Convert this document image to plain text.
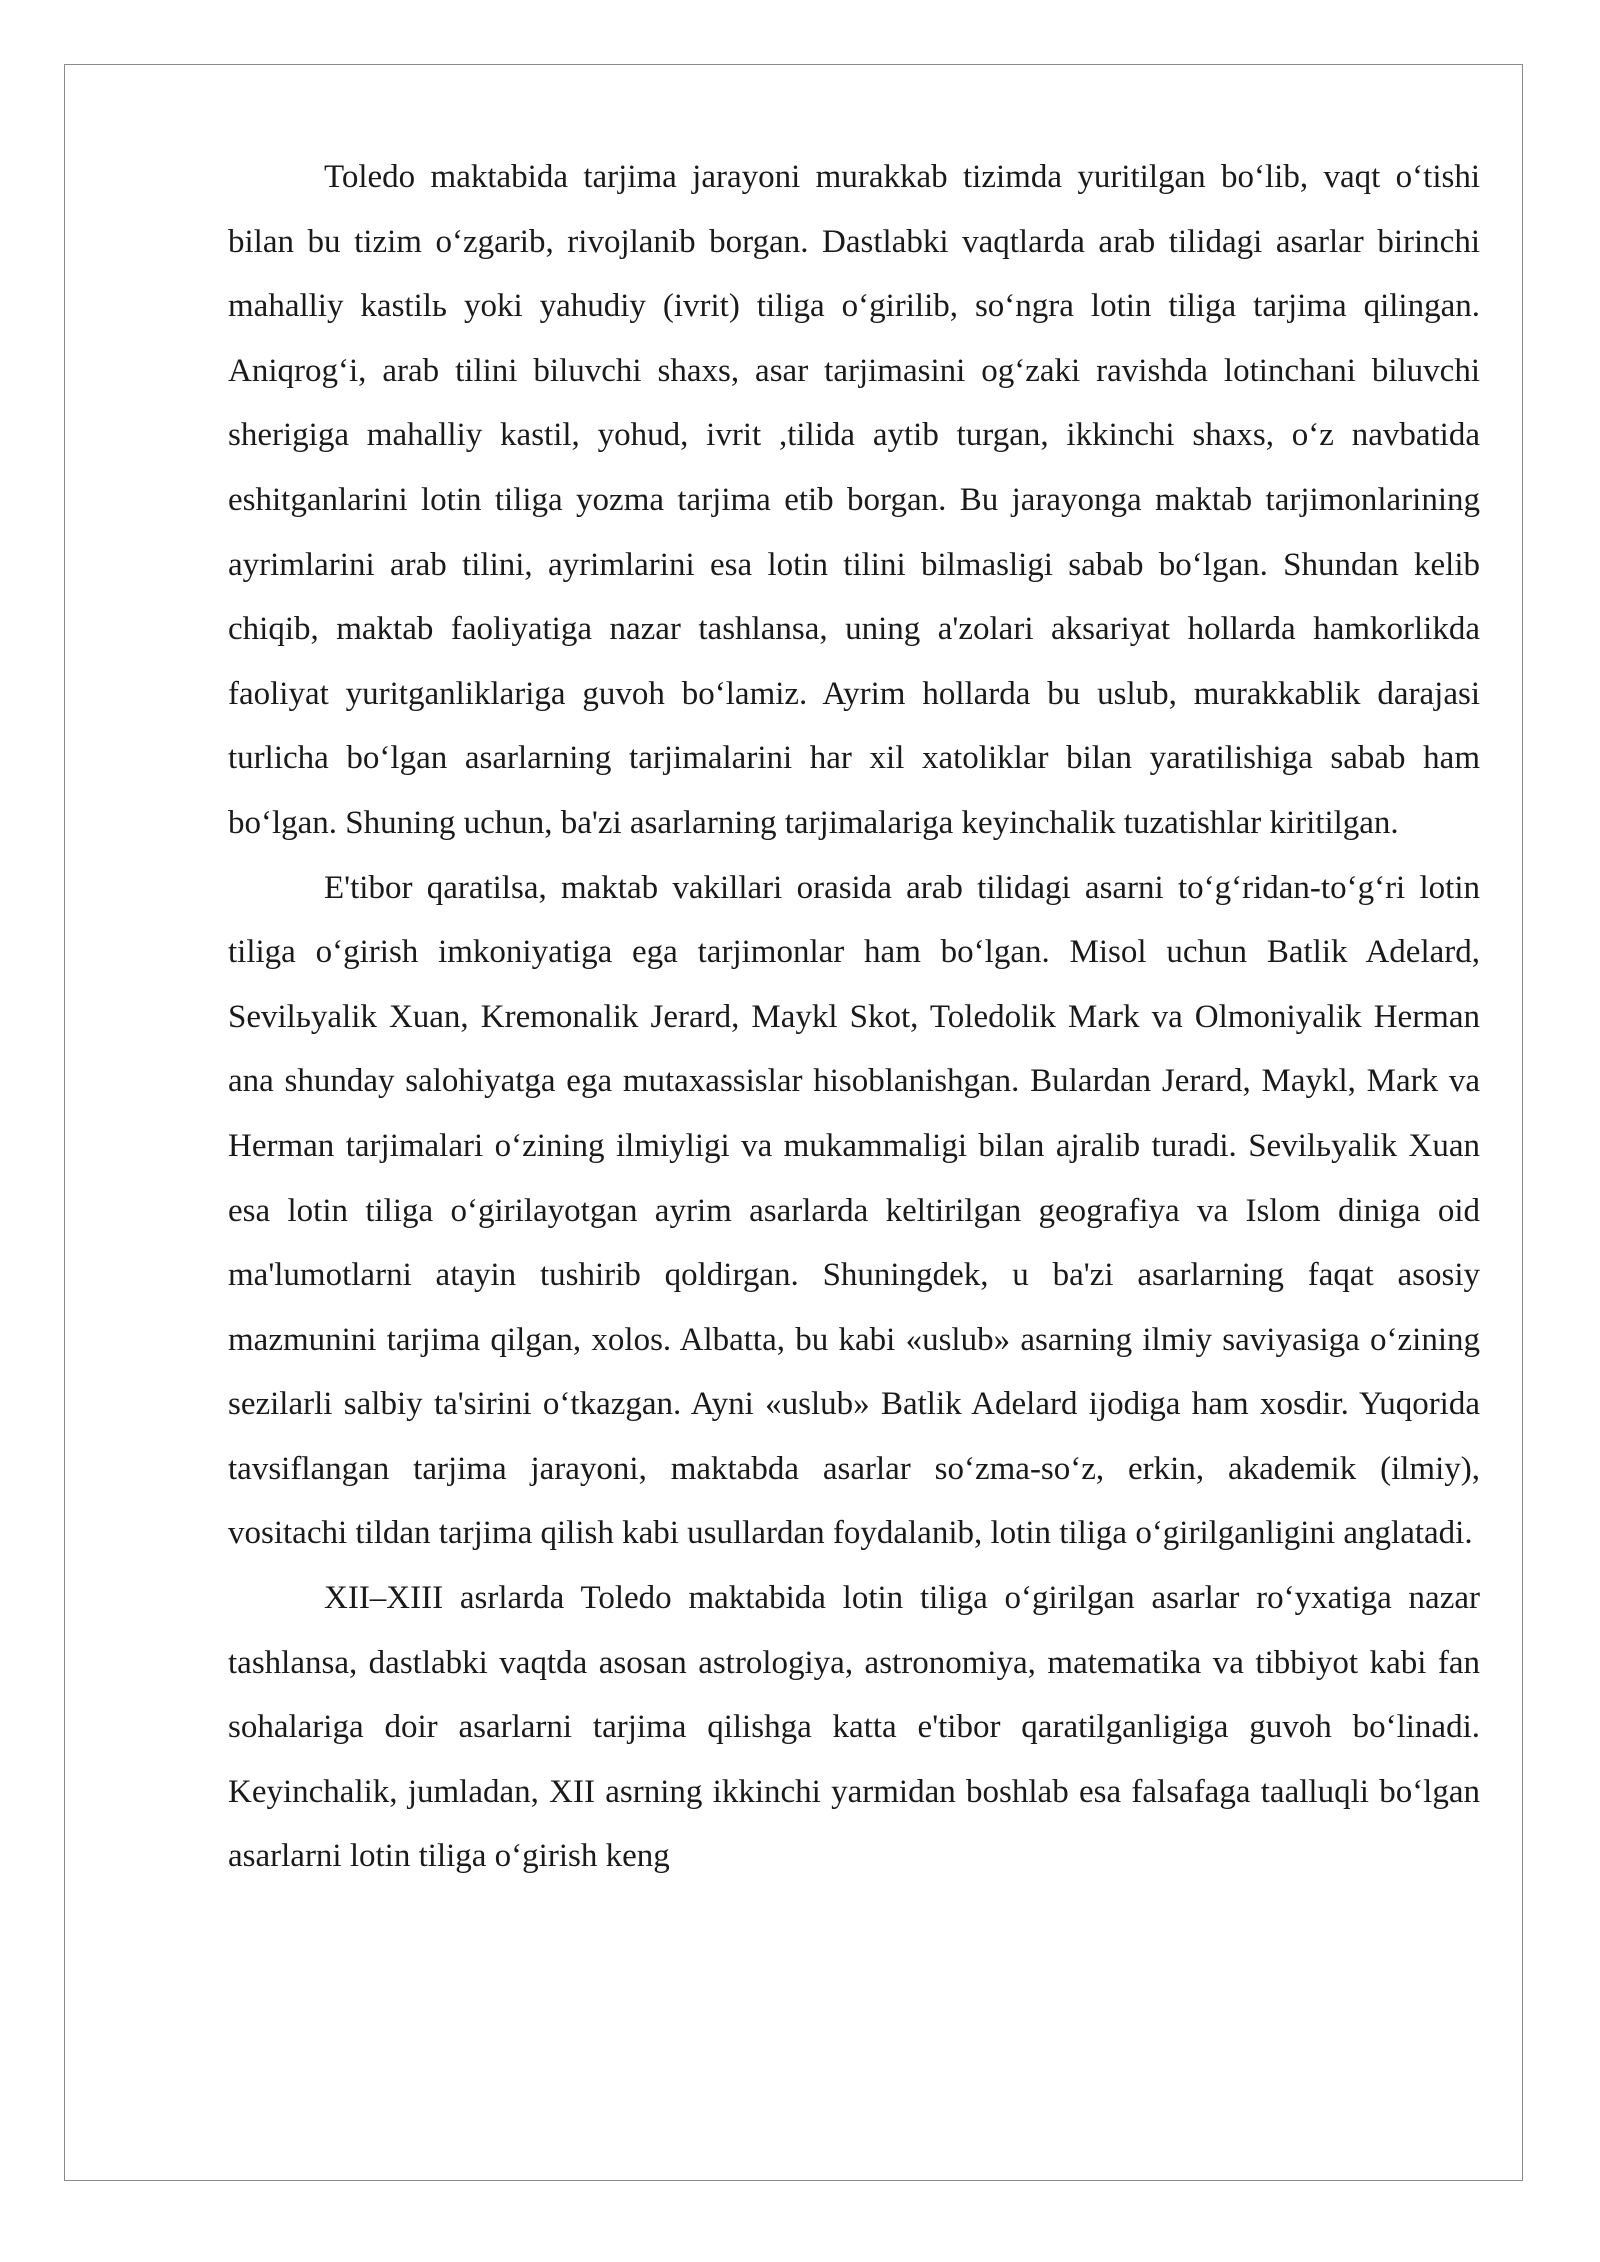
Toledo maktabida tarjima jarayoni murakkab tizimda yuritilgan bo‘lib, vaqt o‘tishi bilan bu tizim o‘zgarib, rivojlanib borgan. Dastlabki vaqtlarda arab tilidagi asarlar birinchi mahalliy kastilь yoki yahudiy (ivrit) tiliga o‘girilib, so‘ngra lotin tiliga tarjima qilingan. Aniqrog‘i, arab tilini biluvchi shaxs, asar tarjimasini og‘zaki ravishda lotinchani biluvchi sherigiga mahalliy kastil, yohud, ivrit ,tilida aytib turgan, ikkinchi shaxs, o‘z navbatida eshitganlarini lotin tiliga yozma tarjima etib borgan. Bu jarayonga maktab tarjimonlarining ayrimlarini arab tilini, ayrimlarini esa lotin tilini bilmasligi sabab bo‘lgan. Shundan kelib chiqib, maktab faoliyatiga nazar tashlansa, uning a'zolari aksariyat hollarda hamkorlikda faoliyat yuritganliklariga guvoh bo‘lamiz. Ayrim hollarda bu uslub, murakkablik darajasi turlicha bo‘lgan asarlarning tarjimalarini har xil xatoliklar bilan yaratilishiga sabab ham bo‘lgan. Shuning uchun, ba'zi asarlarning tarjimalariga keyinchalik tuzatishlar kiritilgan.

E'tibor qaratilsa, maktab vakillari orasida arab tilidagi asarni to‘g‘ridan-to‘g‘ri lotin tiliga o‘girish imkoniyatiga ega tarjimonlar ham bo‘lgan. Misol uchun Batlik Adelard, Sevilьyalik Xuan, Kremonalik Jerard, Maykl Skot, Toledolik Mark va Olmoniyalik Herman ana shunday salohiyatga ega mutaxassislar hisoblanishgan. Bulardan Jerard, Maykl, Mark va Herman tarjimalari o‘zining ilmiyligi va mukammaligi bilan ajralib turadi. Sevilьyalik Xuan esa lotin tiliga o‘girilayotgan ayrim asarlarda keltirilgan geografiya va Islom diniga oid ma'lumotlarni atayin tushirib qoldirgan. Shuningdek, u ba'zi asarlarning faqat asosiy mazmunini tarjima qilgan, xolos. Albatta, bu kabi «uslub» asarning ilmiy saviyasiga o‘zining sezilarli salbiy ta'sirini o‘tkazgan. Ayni «uslub» Batlik Adelard ijodiga ham xosdir. Yuqorida tavsiflangan tarjima jarayoni, maktabda asarlar so‘zma-so‘z, erkin, akademik (ilmiy), vositachi tildan tarjima qilish kabi usullardan foydalanib, lotin tiliga o‘girilganligini anglatadi.

XII–XIII asrlarda Toledo maktabida lotin tiliga o‘girilgan asarlar ro‘yxatiga nazar tashlansa, dastlabki vaqtda asosan astrologiya, astronomiya, matematika va tibbiyot kabi fan sohalariga doir asarlarni tarjima qilishga katta e'tibor qaratilganligiga guvoh bo‘linadi. Keyinchalik, jumladan, XII asrning ikkinchi yarmidan boshlab esa falsafaga taalluqli bo‘lgan asarlarni lotin tiliga o‘girish keng
